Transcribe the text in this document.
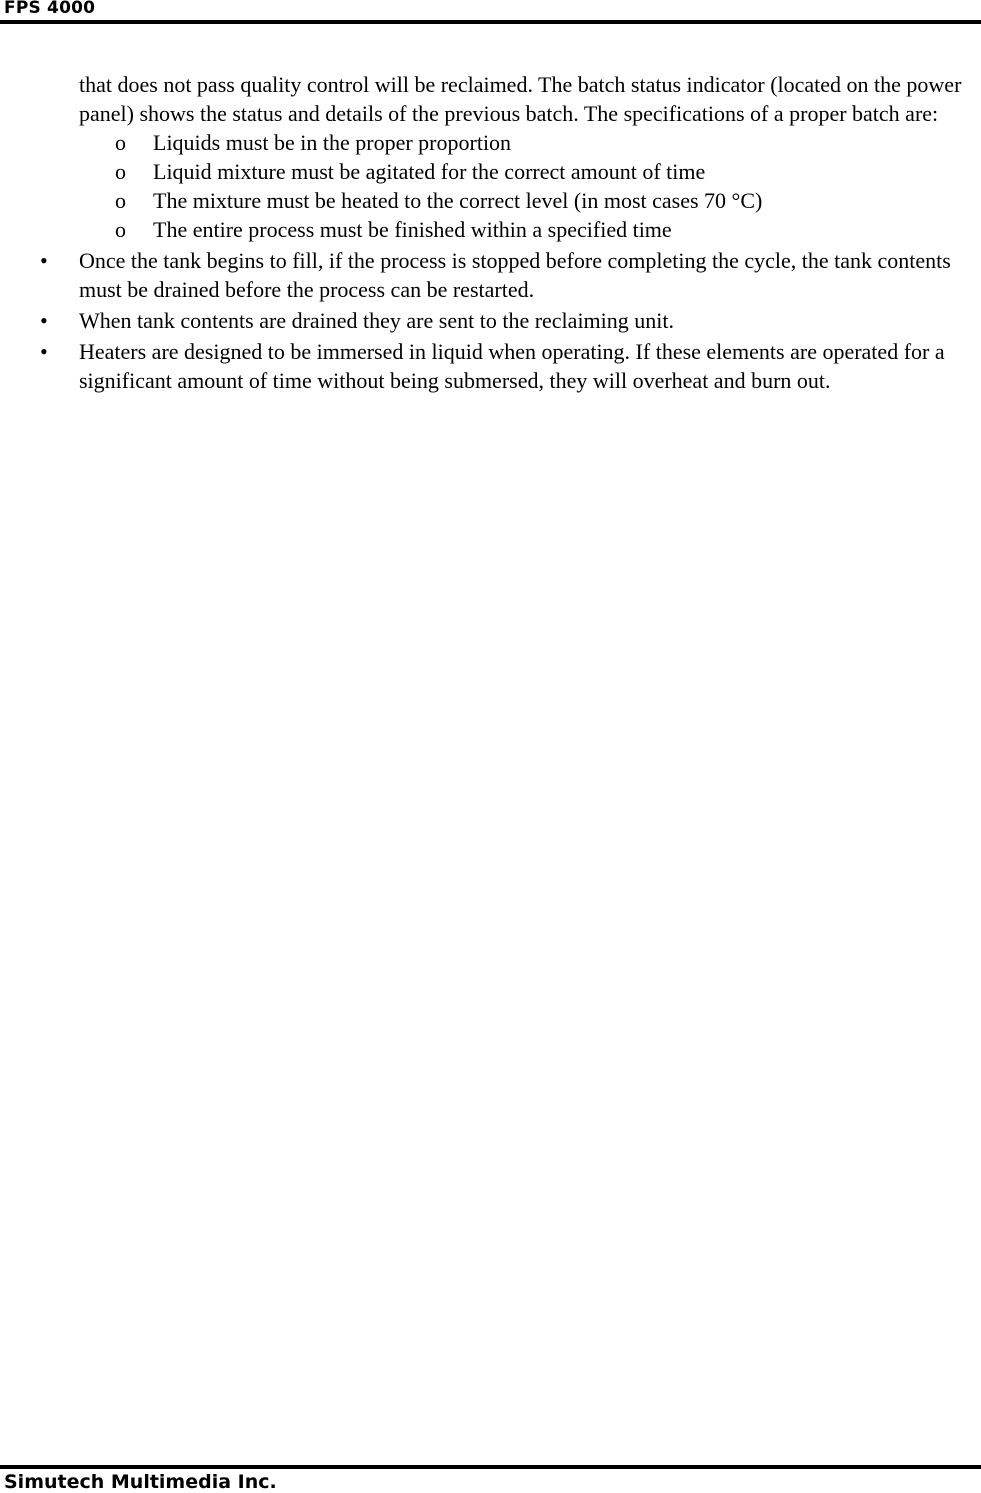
FPS 4000

that does not pass quality control will be reclaimed. The batch status indicator (located on the power panel) shows the status and details of the previous batch. The specifications of a proper batch are:

o Liquids must be in the proper proportion
o Liquid mixture must be agitated for the correct amount of time
o The mixture must be heated to the correct level (in most cases 70 °C)
o The entire process must be finished within a specified time
• Once the tank begins to fill, if the process is stopped before completing the cycle, the tank contents must be drained before the process can be restarted.
• When tank contents are drained they are sent to the reclaiming unit.
• Heaters are designed to be immersed in liquid when operating. If these elements are operated for a significant amount of time without being submersed, they will overheat and burn out.
Simutech Multimedia Inc.
